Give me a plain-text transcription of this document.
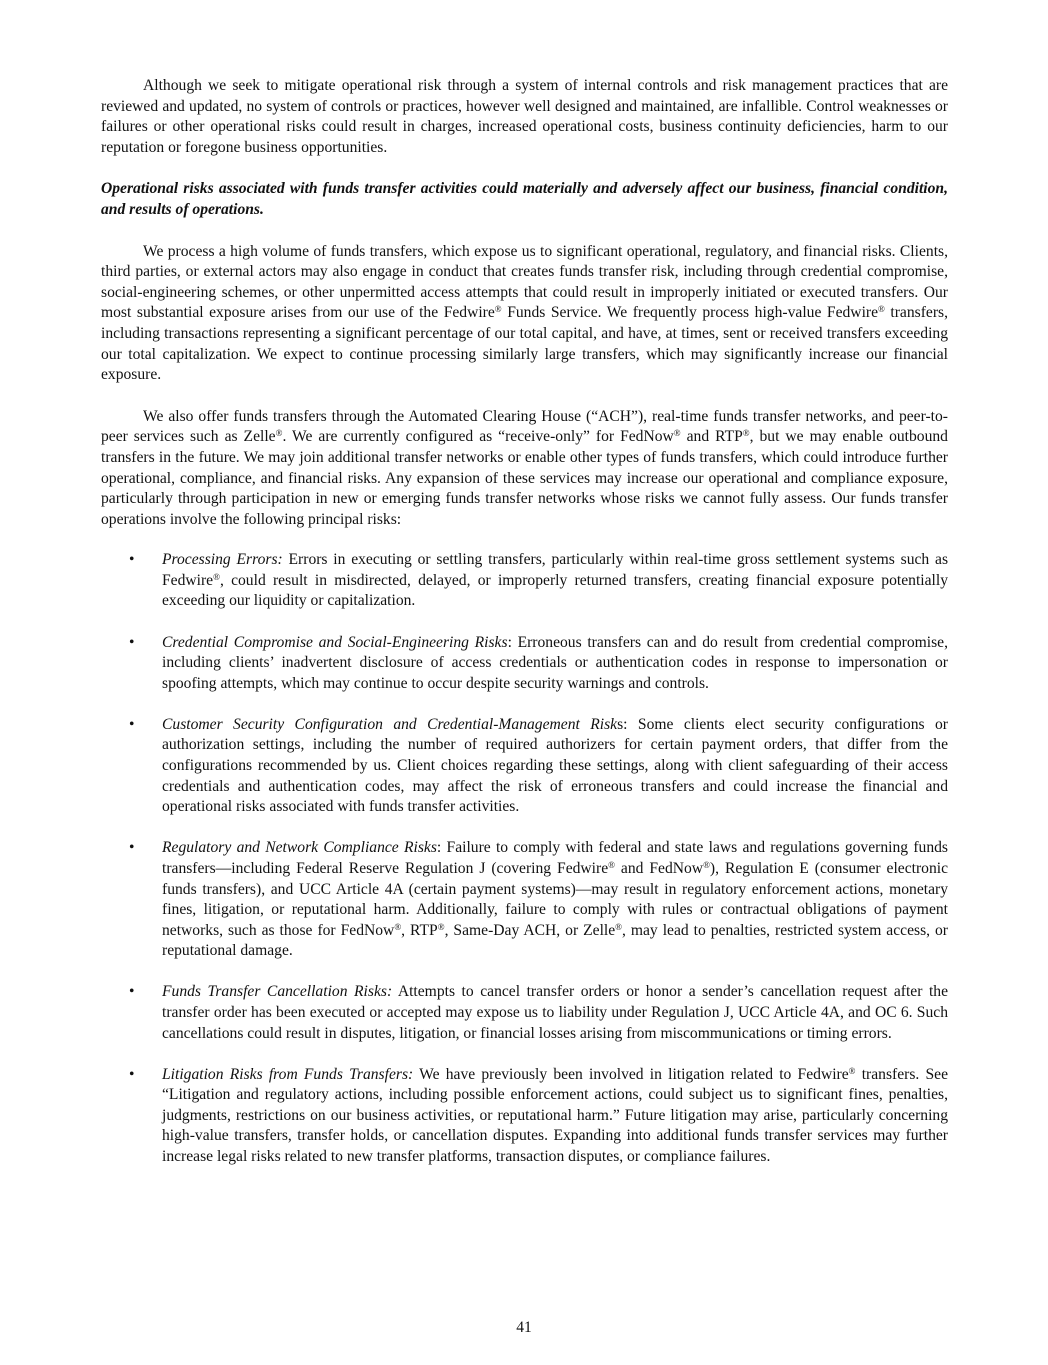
Although we seek to mitigate operational risk through a system of internal controls and risk management practices that are reviewed and updated, no system of controls or practices, however well designed and maintained, are infallible. Control weaknesses or failures or other operational risks could result in charges, increased operational costs, business continuity deficiencies, harm to our reputation or foregone business opportunities.

Operational risks associated with funds transfer activities could materially and adversely affect our business, financial condition, and results of operations.

We process a high volume of funds transfers, which expose us to significant operational, regulatory, and financial risks. Clients, third parties, or external actors may also engage in conduct that creates funds transfer risk, including through credential compromise, social-engineering schemes, or other unpermitted access attempts that could result in improperly initiated or executed transfers. Our most substantial exposure arises from our use of the Fedwire® Funds Service. We frequently process high-value Fedwire® transfers, including transactions representing a significant percentage of our total capital, and have, at times, sent or received transfers exceeding our total capitalization. We expect to continue processing similarly large transfers, which may significantly increase our financial exposure.

We also offer funds transfers through the Automated Clearing House (“ACH”), real-time funds transfer networks, and peer-to-peer services such as Zelle®. We are currently configured as “receive-only” for FedNow® and RTP®, but we may enable outbound transfers in the future. We may join additional transfer networks or enable other types of funds transfers, which could introduce further operational, compliance, and financial risks. Any expansion of these services may increase our operational and compliance exposure, particularly through participation in new or emerging funds transfer networks whose risks we cannot fully assess. Our funds transfer operations involve the following principal risks:

• Processing Errors: Errors in executing or settling transfers, particularly within real-time gross settlement systems such as Fedwire®, could result in misdirected, delayed, or improperly returned transfers, creating financial exposure potentially exceeding our liquidity or capitalization.
• Credential Compromise and Social-Engineering Risks: Erroneous transfers can and do result from credential compromise, including clients’ inadvertent disclosure of access credentials or authentication codes in response to impersonation or spoofing attempts, which may continue to occur despite security warnings and controls.
• Customer Security Configuration and Credential-Management Risks: Some clients elect security configurations or authorization settings, including the number of required authorizers for certain payment orders, that differ from the configurations recommended by us. Client choices regarding these settings, along with client safeguarding of their access credentials and authentication codes, may affect the risk of erroneous transfers and could increase the financial and operational risks associated with funds transfer activities.
• Regulatory and Network Compliance Risks: Failure to comply with federal and state laws and regulations governing funds transfers—including Federal Reserve Regulation J (covering Fedwire® and FedNow®), Regulation E (consumer electronic funds transfers), and UCC Article 4A (certain payment systems)—may result in regulatory enforcement actions, monetary fines, litigation, or reputational harm. Additionally, failure to comply with rules or contractual obligations of payment networks, such as those for FedNow®, RTP®, Same-Day ACH, or Zelle®, may lead to penalties, restricted system access, or reputational damage.
• Funds Transfer Cancellation Risks: Attempts to cancel transfer orders or honor a sender’s cancellation request after the transfer order has been executed or accepted may expose us to liability under Regulation J, UCC Article 4A, and OC 6. Such cancellations could result in disputes, litigation, or financial losses arising from miscommunications or timing errors.
• Litigation Risks from Funds Transfers: We have previously been involved in litigation related to Fedwire® transfers. See “Litigation and regulatory actions, including possible enforcement actions, could subject us to significant fines, penalties, judgments, restrictions on our business activities, or reputational harm.” Future litigation may arise, particularly concerning high-value transfers, transfer holds, or cancellation disputes. Expanding into additional funds transfer services may further increase legal risks related to new transfer platforms, transaction disputes, or compliance failures.
41
